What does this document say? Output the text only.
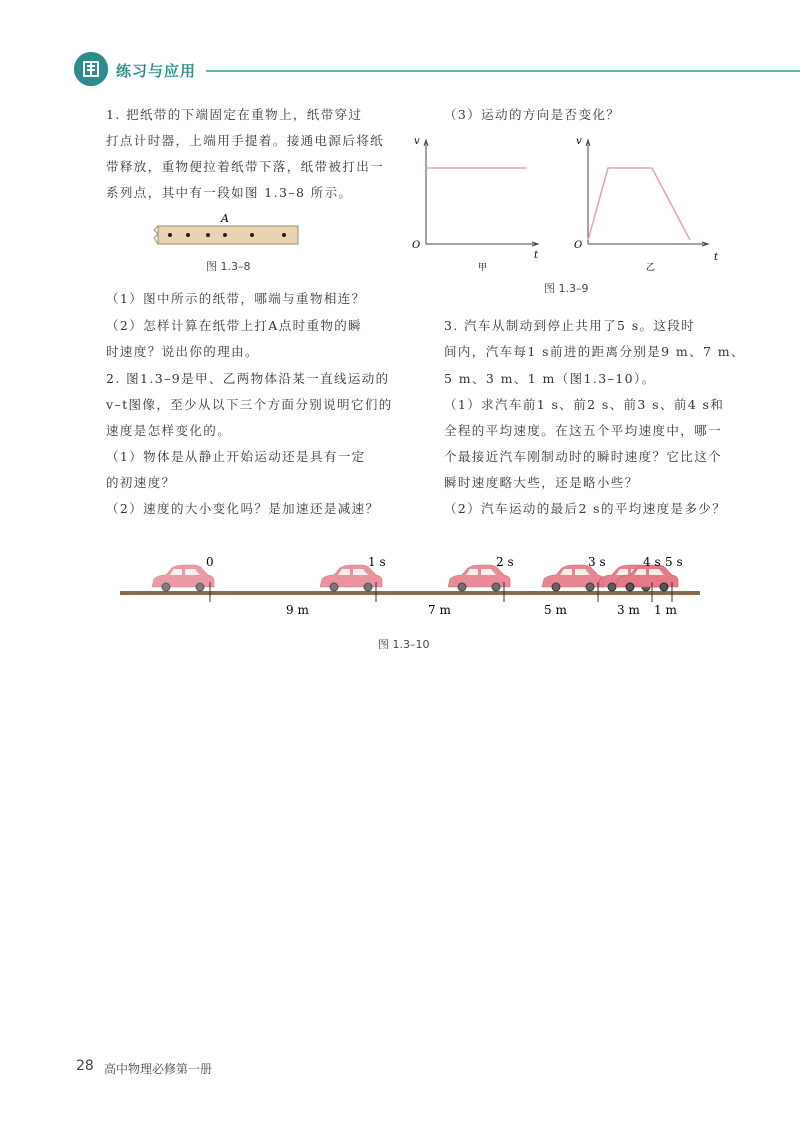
练习与应用
1. 把纸带的下端固定在重物上，纸带穿过
打点计时器，上端用手提着。接通电源后将纸
带释放，重物便拉着纸带下落，纸带被打出一
系列点，其中有一段如图 1.3–8 所示。
A
图 1.3–8
（1）图中所示的纸带，哪端与重物相连？
（2）怎样计算在纸带上打A点时重物的瞬
时速度？说出你的理由。
2. 图1.3–9是甲、乙两物体沿某一直线运动的
v–t图像，至少从以下三个方面分别说明它们的
速度是怎样变化的。
（1）物体是从静止开始运动还是具有一定
的初速度？
（2）速度的大小变化吗？是加速还是减速？
（3）运动的方向是否变化？
v
t
O
甲
v
t
O
乙
图 1.3–9
3. 汽车从制动到停止共用了5 s。这段时
间内，汽车每1 s前进的距离分别是9 m、7 m、
5 m、3 m、1 m（图1.3–10）。
（1）求汽车前1 s、前2 s、前3 s、前4 s和
全程的平均速度。在这五个平均速度中，哪一
个最接近汽车刚制动时的瞬时速度？它比这个
瞬时速度略大些，还是略小些？
（2）汽车运动的最后2 s的平均速度是多少？
0	1 s	2 s	3 s	4 s 5 s
9 m	7 m	5 m	3 m 1 m
图 1.3–10
28 高中物理必修第一册
